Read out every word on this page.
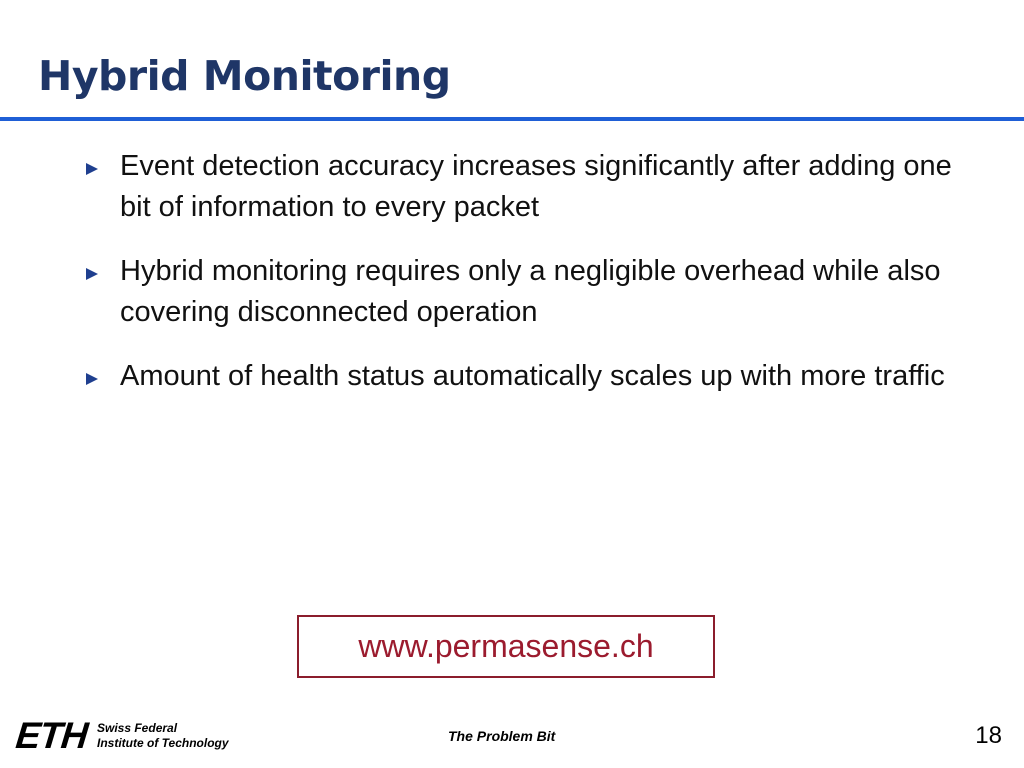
Hybrid Monitoring
Event detection accuracy increases significantly after adding one bit of information to every packet
Hybrid monitoring requires only a negligible overhead while also covering disconnected operation
Amount of health status automatically scales up with more traffic
www.permasense.ch
ETH Swiss Federal
Institute of Technology	The Problem Bit	18
